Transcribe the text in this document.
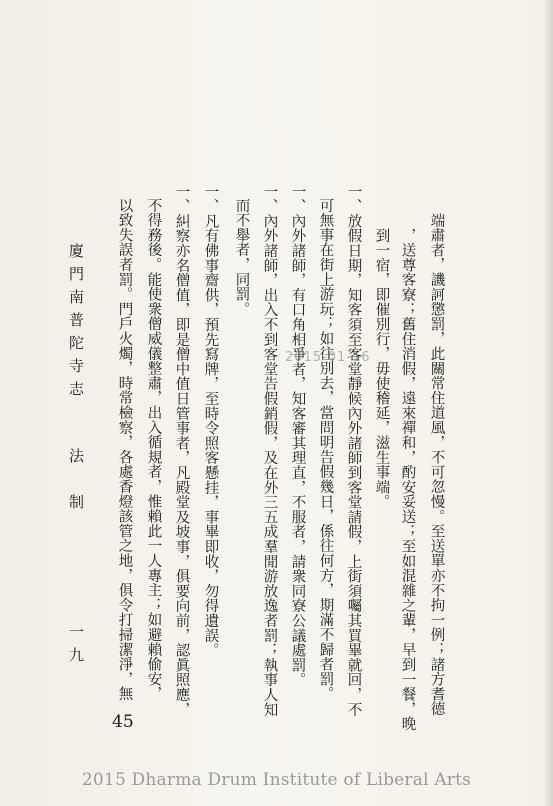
端肅者，譏訶懲罰，此關常住道風，不可忽慢。至送單亦不拘一例；諸方耆德
，送尊客寮；舊住消假，遠來禪和，酌安妥送；至如混雜之輩，早到一餐，晚
到一宿，即催別行，毋使稽延，滋生事端。
一、放假日期，知客須至客堂靜候內外諸師到客堂請假，上街須囑其買畢就回，不
可無事在街上游玩；如往別去，當問明告假幾日，係往何方，期滿不歸者罰。
一、內外諸師，有口角相爭者，知客審其理直，不服者，請衆同寮公議處罰。
一、內外諸師，出入不到客堂告假銷假，及在外三五成羣閒游放逸者罰；執事人知
而不舉者，同罰。
一、凡有佛事齋供，預先寫牌，至時令照客懸挂，事畢即收，勿得遺誤。
一、糾察亦名僧值，即是僧中值日管事者，凡殿堂及坡事，俱要向前，認眞照應，
不得務後。能使衆僧威儀整肅，出入循規者，惟賴此一人專主；如避賴偷安，
以致失誤者罰。門戶火燭，時常檢察，各處香燈該管之地，俱令打掃潔淨，無
廈門南普陀寺志
法　制
一九
2015-01-16
45
2015 Dharma Drum Institute of Liberal Arts
